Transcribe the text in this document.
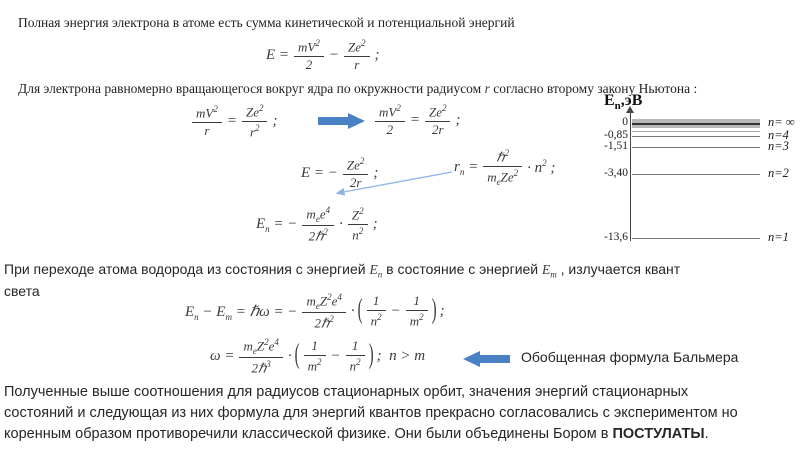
Полная энергия электрона в атоме есть сумма кинетической и потенциальной энергий
$E = \frac{mV^2}{2} - \frac{Ze^2}{r}$ ;
Для электрона равномерно вращающегося вокруг ядра по окружности радиусом r согласно второму закону Ньютона :
$\frac{mV^2}{r} = \frac{Ze^2}{r^2}$ ;	$\frac{mV^2}{2} = \frac{Ze^2}{2r}$ ;
E = − $\frac{Ze^2}{2r}$ ;	$r_n = \frac{\hbar^2}{m_eZe^2} \cdot n^2$ ;
$E_n$ = − $\frac{m_ee^4}{2\hbar^2} \cdot \frac{Z^2}{n^2}$ ;
При переходе атома водорода из состояния с энергией $E_n$ в состояние с энергией $E_m$ , излучается квант
света
$E_n - E_m$ = ℏω = − $\frac{m_eZ^2e^4}{2\hbar^2}$ · ( $\frac{1}{n^2} - \frac{1}{m^2}$ ) ;
$\omega = \frac{m_eZ^2e^4}{2\hbar^3}$ · ( $\frac{1}{m^2} - \frac{1}{n^2}$ ) ; n > m	Обобщенная формула Бальмера
Полученные выше соотношения для радиусов стационарных орбит, значения энергий стационарных
состояний и следующая из них формула для энергий квантов прекрасно согласовались с экспериментом но
коренным образом противоречили классической физике. Они были объединены Бором в ПОСТУЛАТЫ.
$E_n,эВ$
0	n= ∞
-0,85	n=4
-1,51	n=3
-3,40	n=2
-13,6	n=1
